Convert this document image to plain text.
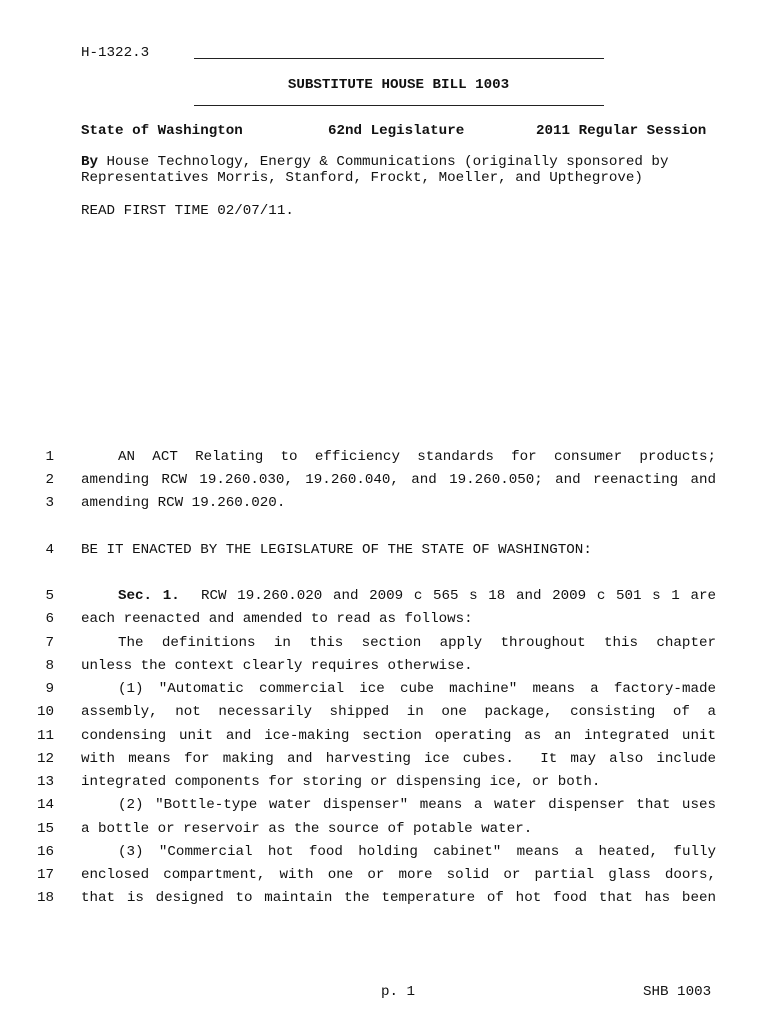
H-1322.3
SUBSTITUTE HOUSE BILL 1003
State of Washington	62nd Legislature	2011 Regular Session
By House Technology, Energy & Communications (originally sponsored by
Representatives Morris, Stanford, Frockt, Moeller, and Upthegrove)
READ FIRST TIME 02/07/11.
1
2
3
4
5
6
7
8
9
10
11
12
13
14
15
16
17
18
AN ACT Relating to efficiency standards for consumer products;
amending RCW 19.260.030, 19.260.040, and 19.260.050; and reenacting and
amending RCW 19.260.020.
BE IT ENACTED BY THE LEGISLATURE OF THE STATE OF WASHINGTON:
Sec. 1. RCW 19.260.020 and 2009 c 565 s 18 and 2009 c 501 s 1 are
each reenacted and amended to read as follows:
The definitions in this section apply throughout this chapter
unless the context clearly requires otherwise.
(1) "Automatic commercial ice cube machine" means a factory-made
assembly, not necessarily shipped in one package, consisting of a
condensing unit and ice-making section operating as an integrated unit
with means for making and harvesting ice cubes.  It may also include
integrated components for storing or dispensing ice, or both.
(2) "Bottle-type water dispenser" means a water dispenser that uses
a bottle or reservoir as the source of potable water.
(3) "Commercial hot food holding cabinet" means a heated, fully
enclosed compartment, with one or more solid or partial glass doors,
that is designed to maintain the temperature of hot food that has been
p. 1	SHB 1003
